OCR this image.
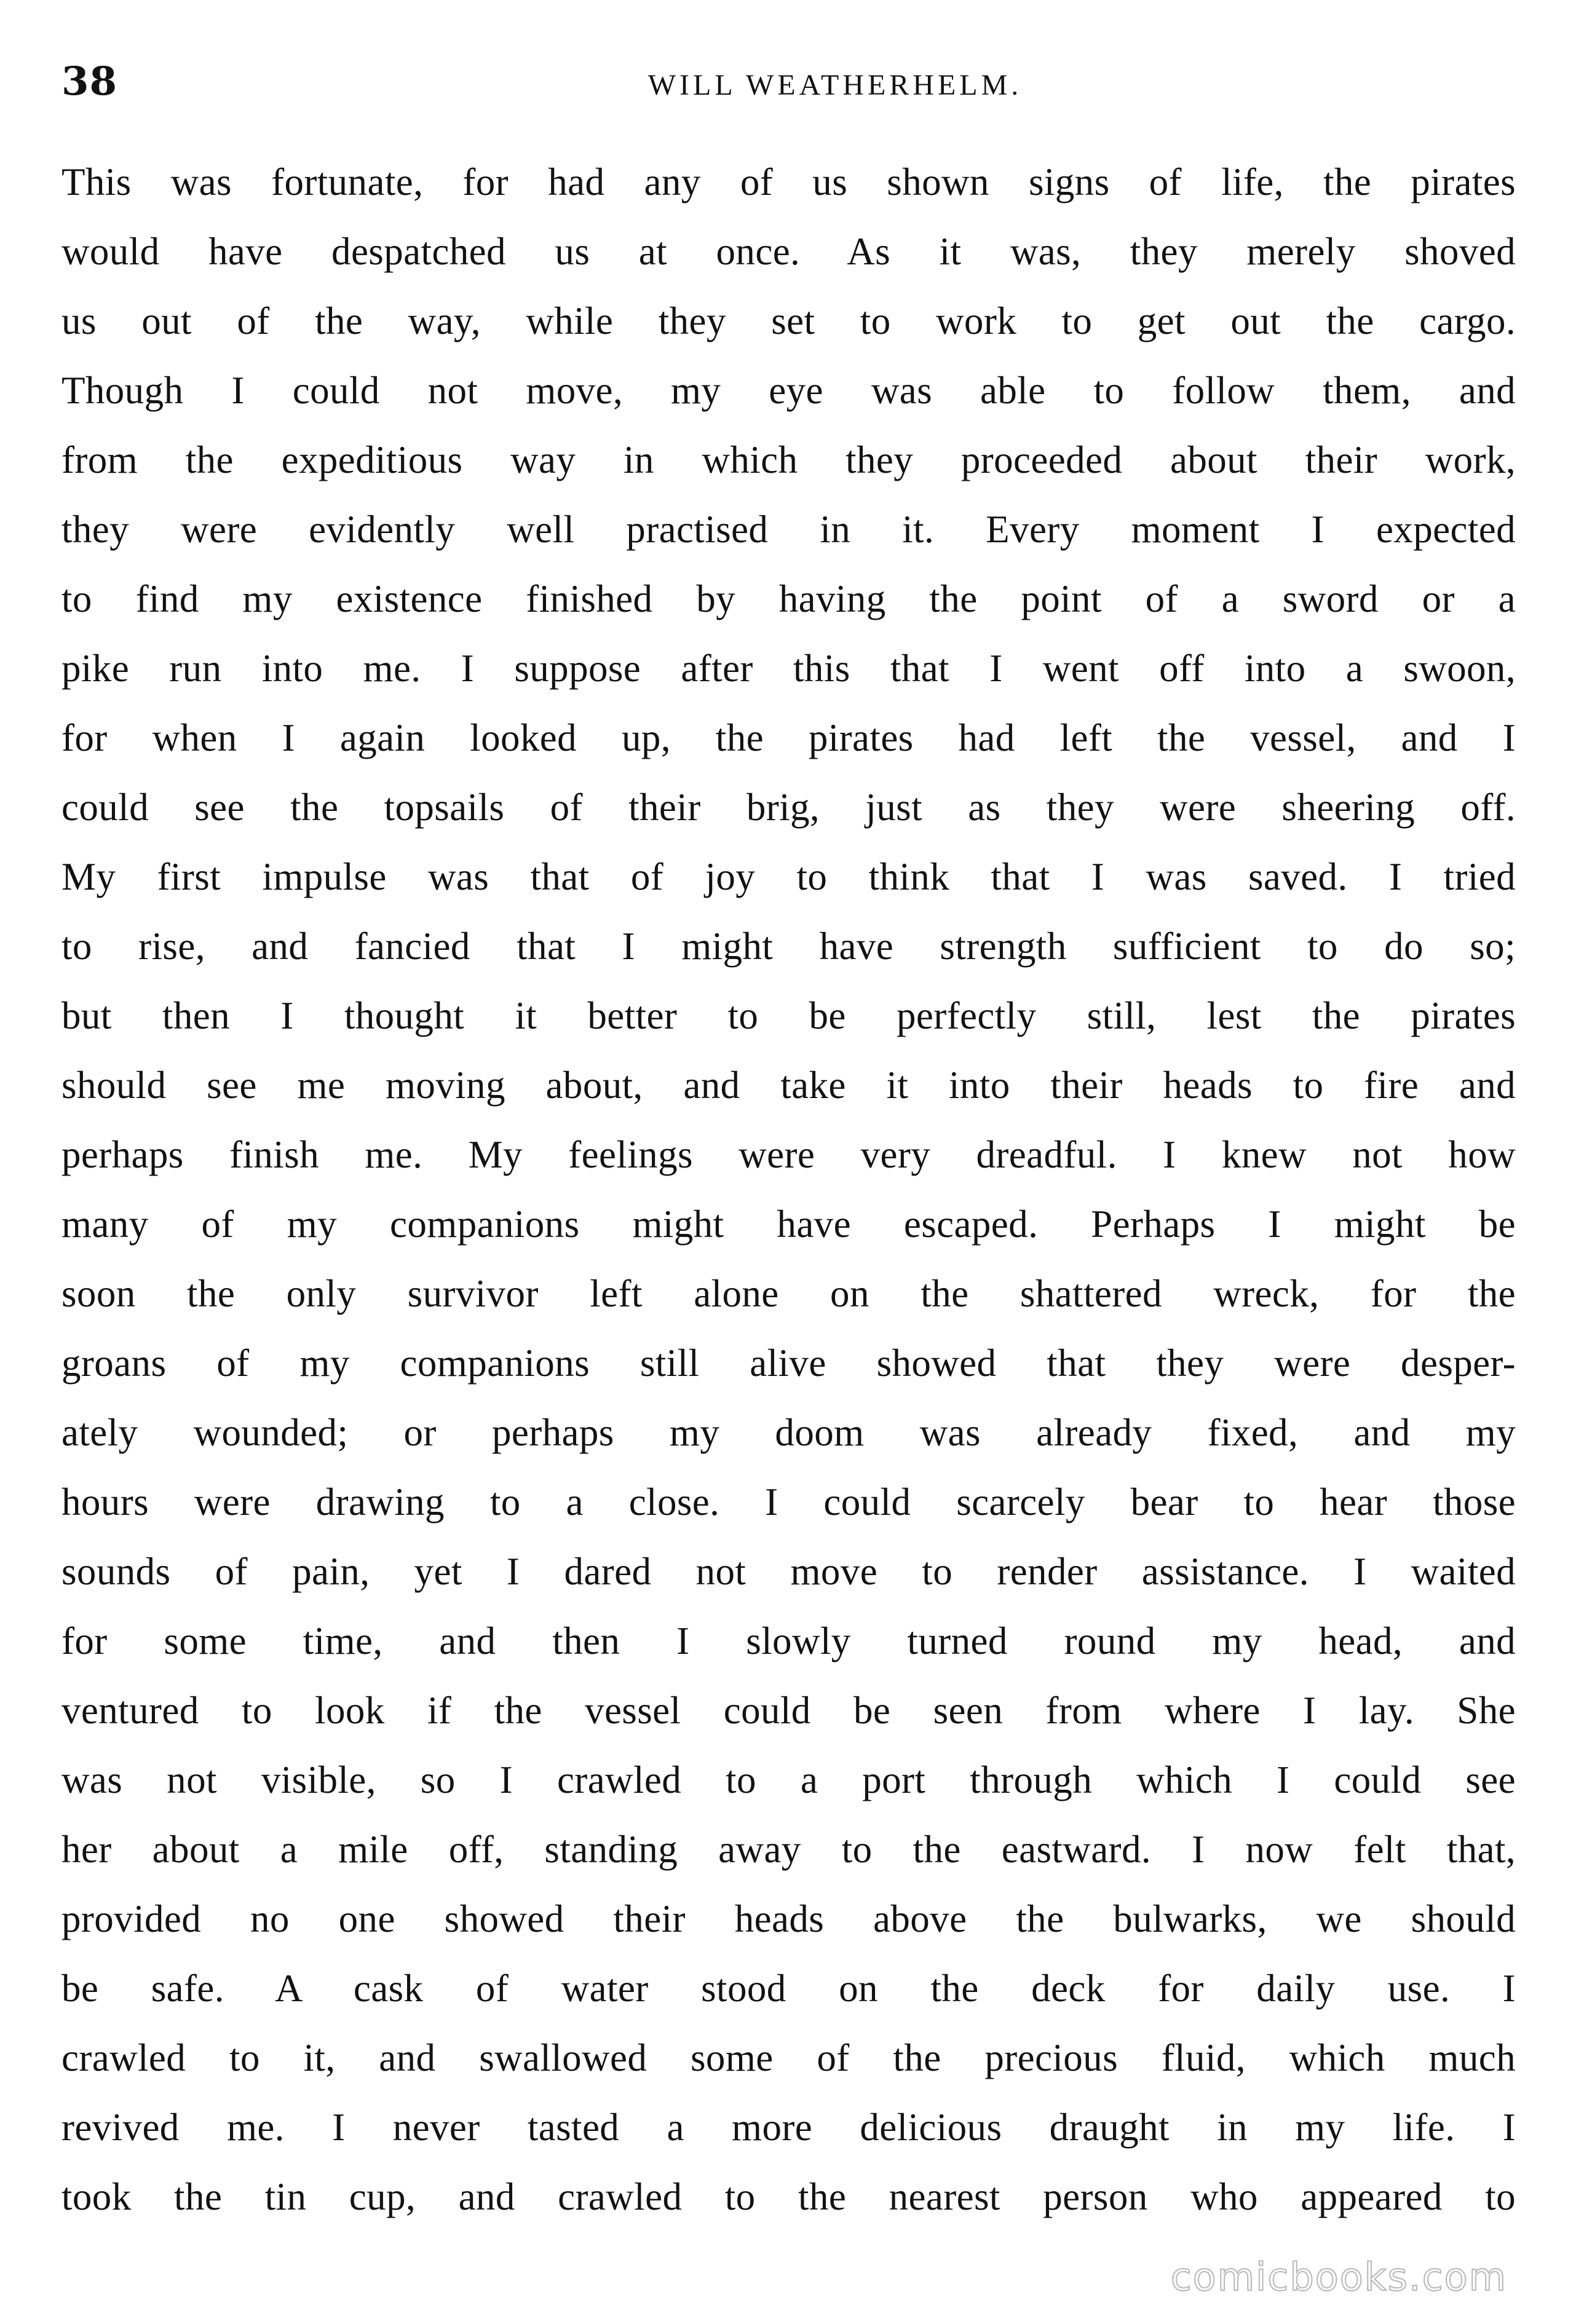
38	WILL WEATHERHELM.
This was fortunate, for had any of us shown signs of life, the pirates
would have despatched us at once. As it was, they merely shoved
us out of the way, while they set to work to get out the cargo.
Though I could not move, my eye was able to follow them, and
from the expeditious way in which they proceeded about their work,
they were evidently well practised in it. Every moment I expected
to find my existence finished by having the point of a sword or a
pike run into me. I suppose after this that I went off into a swoon,
for when I again looked up, the pirates had left the vessel, and I
could see the topsails of their brig, just as they were sheering off.
My first impulse was that of joy to think that I was saved. I tried
to rise, and fancied that I might have strength sufficient to do so;
but then I thought it better to be perfectly still, lest the pirates
should see me moving about, and take it into their heads to fire and
perhaps finish me. My feelings were very dreadful. I knew not how
many of my companions might have escaped. Perhaps I might be
soon the only survivor left alone on the shattered wreck, for the
groans of my companions still alive showed that they were desper-
ately wounded; or perhaps my doom was already fixed, and my
hours were drawing to a close. I could scarcely bear to hear those
sounds of pain, yet I dared not move to render assistance. I waited
for some time, and then I slowly turned round my head, and
ventured to look if the vessel could be seen from where I lay. She
was not visible, so I crawled to a port through which I could see
her about a mile off, standing away to the eastward. I now felt that,
provided no one showed their heads above the bulwarks, we should
be safe. A cask of water stood on the deck for daily use. I
crawled to it, and swallowed some of the precious fluid, which much
revived me. I never tasted a more delicious draught in my life. I
took the tin cup, and crawled to the nearest person who appeared to
comicbooks.com
